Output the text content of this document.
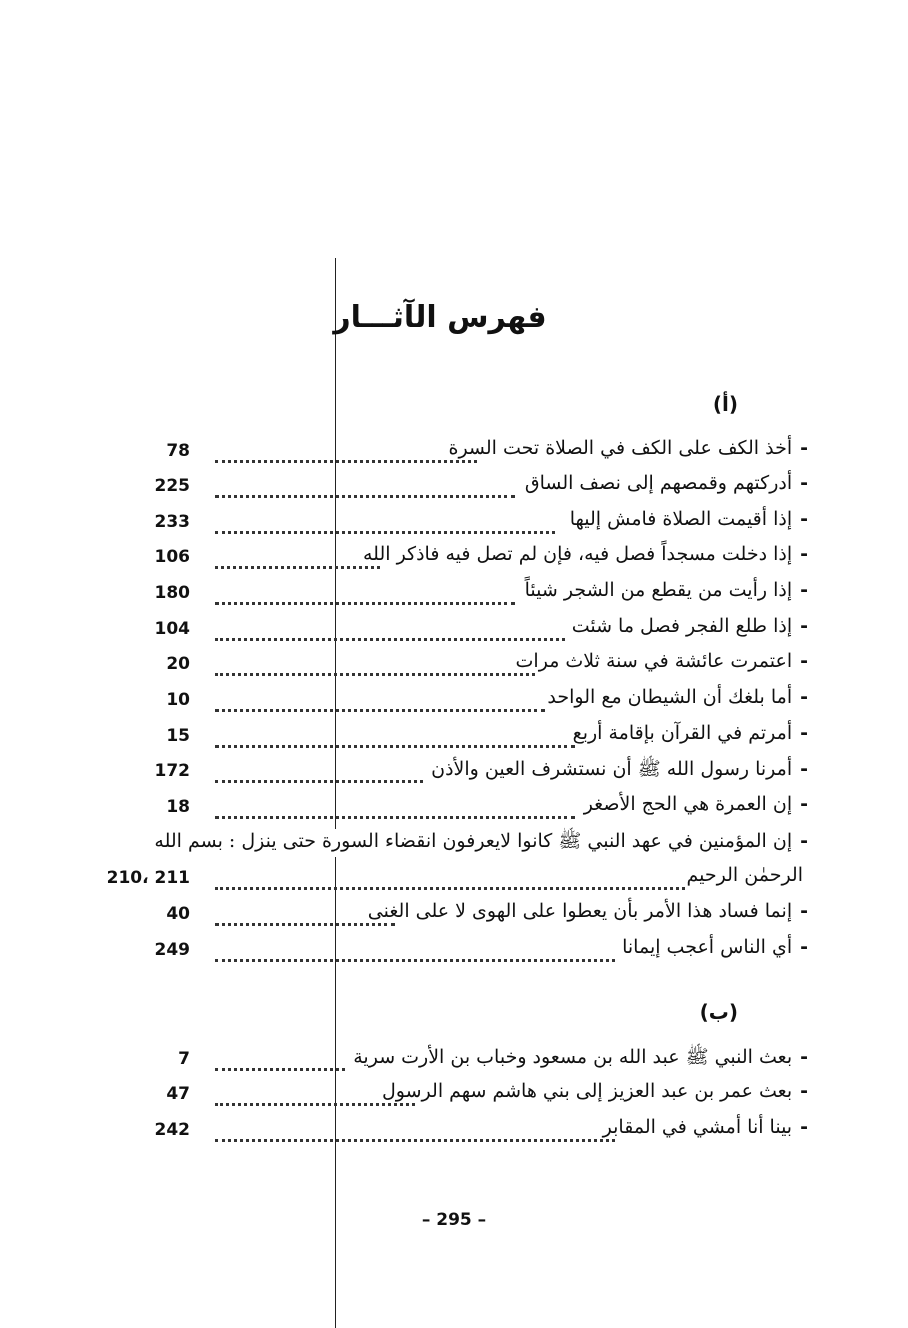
فهرس الآثـــار
(أ)
78	-أخذ الكف على الكف في الصلاة تحت السرة
225	-أدركتهم وقمصهم إلى نصف الساق
233	-إذا أقيمت الصلاة فامش إليها
106	-إذا دخلت مسجداً فصل فيه، فإن لم تصل فيه فاذكر الله
180	-إذا رأيت من يقطع من الشجر شيئاً
104	-إذا طلع الفجر فصل ما شئت
20	-اعتمرت عائشة في سنة ثلاث مرات
10	-أما بلغك أن الشيطان مع الواحد
15	-أمرتم في القرآن بإقامة أربع
172	-أمرنا رسول الله ﷺ أن نستشرف العين والأذن
18	-إن العمرة هي الحج الأصغر
-إن المؤمنين في عهد النبي ﷺ كانوا لايعرفون انقضاء السورة حتى ينزل : بسم الله
210، 211	الرحمٰن الرحيم
40	-إنما فساد هذا الأمر بأن يعطوا على الهوى لا على الغنى
249	-أي الناس أعجب إيمانا
(ب)
7	-بعث النبي ﷺ عبد الله بن مسعود وخباب بن الأرت سرية
47	-بعث عمر بن عبد العزيز إلى بني هاشم سهم الرسول
242	-بينا أنا أمشي في المقابر
– 295 –
